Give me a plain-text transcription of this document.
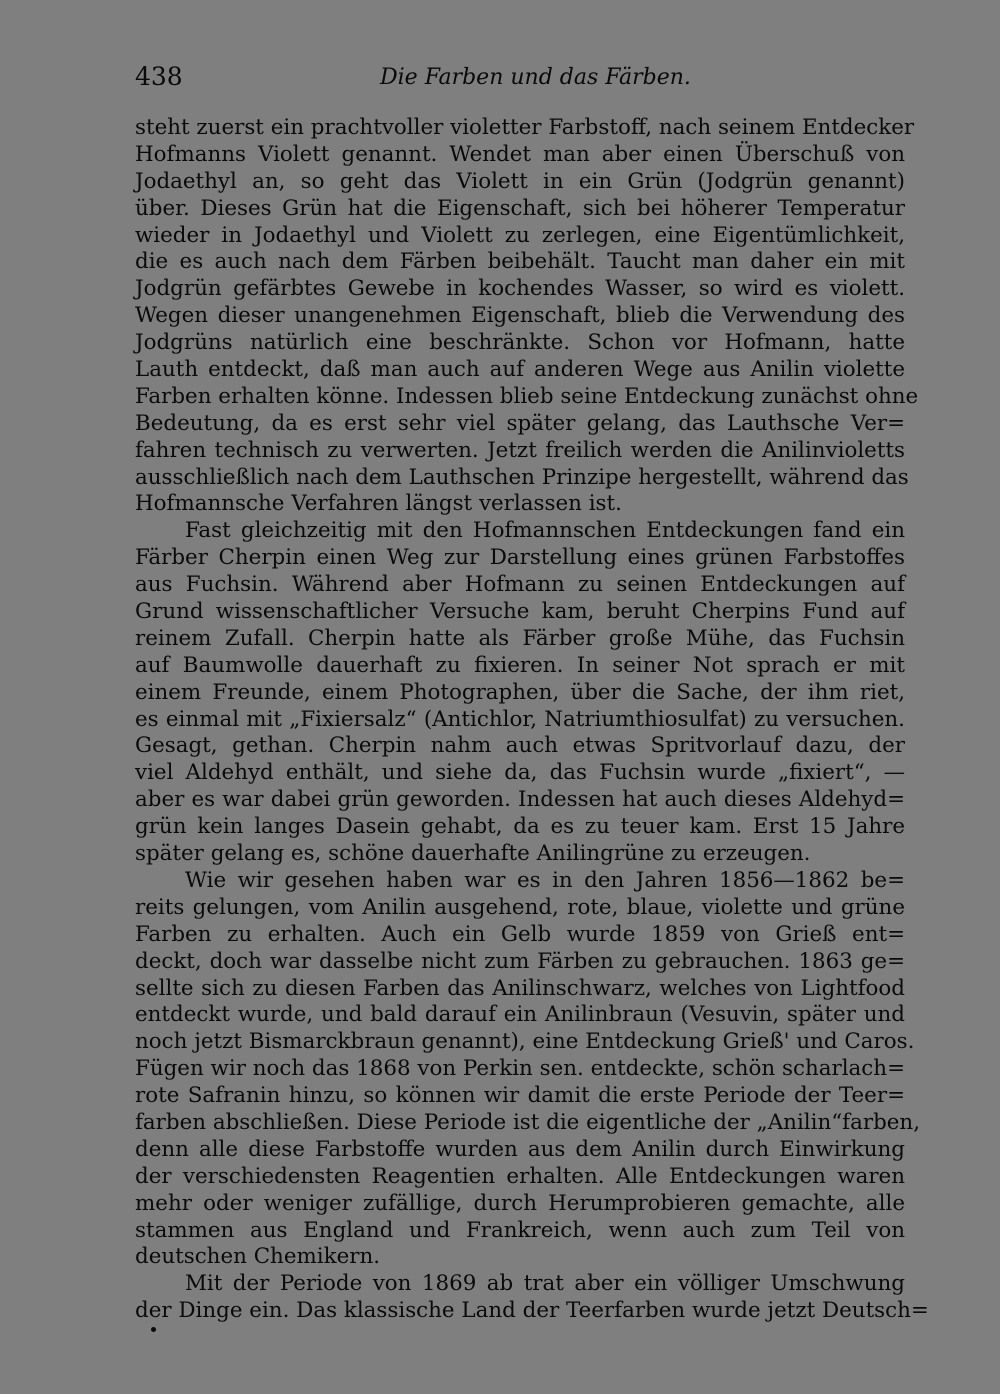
438	Die Farben und das Färben.
steht zuerst ein prachtvoller violetter Farbstoff, nach seinem Entdecker
Hofmanns Violett genannt. Wendet man aber einen Überschuß von
Jodaethyl an, so geht das Violett in ein Grün (Jodgrün genannt)
über. Dieses Grün hat die Eigenschaft, sich bei höherer Temperatur
wieder in Jodaethyl und Violett zu zerlegen, eine Eigentümlichkeit,
die es auch nach dem Färben beibehält. Taucht man daher ein mit
Jodgrün gefärbtes Gewebe in kochendes Wasser, so wird es violett.
Wegen dieser unangenehmen Eigenschaft, blieb die Verwendung des
Jodgrüns natürlich eine beschränkte. Schon vor Hofmann, hatte
Lauth entdeckt, daß man auch auf anderen Wege aus Anilin violette
Farben erhalten könne. Indessen blieb seine Entdeckung zunächst ohne
Bedeutung, da es erst sehr viel später gelang, das Lauthsche Ver=
fahren technisch zu verwerten. Jetzt freilich werden die Anilinvioletts
ausschließlich nach dem Lauthschen Prinzipe hergestellt, während das
Hofmannsche Verfahren längst verlassen ist.
Fast gleichzeitig mit den Hofmannschen Entdeckungen fand ein
Färber Cherpin einen Weg zur Darstellung eines grünen Farbstoffes
aus Fuchsin. Während aber Hofmann zu seinen Entdeckungen auf
Grund wissenschaftlicher Versuche kam, beruht Cherpins Fund auf
reinem Zufall. Cherpin hatte als Färber große Mühe, das Fuchsin
auf Baumwolle dauerhaft zu fixieren. In seiner Not sprach er mit
einem Freunde, einem Photographen, über die Sache, der ihm riet,
es einmal mit „Fixiersalz“ (Antichlor, Natriumthiosulfat) zu versuchen.
Gesagt, gethan. Cherpin nahm auch etwas Spritvorlauf dazu, der
viel Aldehyd enthält, und siehe da, das Fuchsin wurde „fixiert“, —
aber es war dabei grün geworden. Indessen hat auch dieses Aldehyd=
grün kein langes Dasein gehabt, da es zu teuer kam. Erst 15 Jahre
später gelang es, schöne dauerhafte Anilingrüne zu erzeugen.
Wie wir gesehen haben war es in den Jahren 1856—1862 be=
reits gelungen, vom Anilin ausgehend, rote, blaue, violette und grüne
Farben zu erhalten. Auch ein Gelb wurde 1859 von Grieß ent=
deckt, doch war dasselbe nicht zum Färben zu gebrauchen. 1863 ge=
sellte sich zu diesen Farben das Anilinschwarz, welches von Lightfood
entdeckt wurde, und bald darauf ein Anilinbraun (Vesuvin, später und
noch jetzt Bismarckbraun genannt), eine Entdeckung Grieß' und Caros.
Fügen wir noch das 1868 von Perkin sen. entdeckte, schön scharlach=
rote Safranin hinzu, so können wir damit die erste Periode der Teer=
farben abschließen. Diese Periode ist die eigentliche der „Anilin“farben,
denn alle diese Farbstoffe wurden aus dem Anilin durch Einwirkung
der verschiedensten Reagentien erhalten. Alle Entdeckungen waren
mehr oder weniger zufällige, durch Herumprobieren gemachte, alle
stammen aus England und Frankreich, wenn auch zum Teil von
deutschen Chemikern.
Mit der Periode von 1869 ab trat aber ein völliger Umschwung
der Dinge ein. Das klassische Land der Teerfarben wurde jetzt Deutsch=
